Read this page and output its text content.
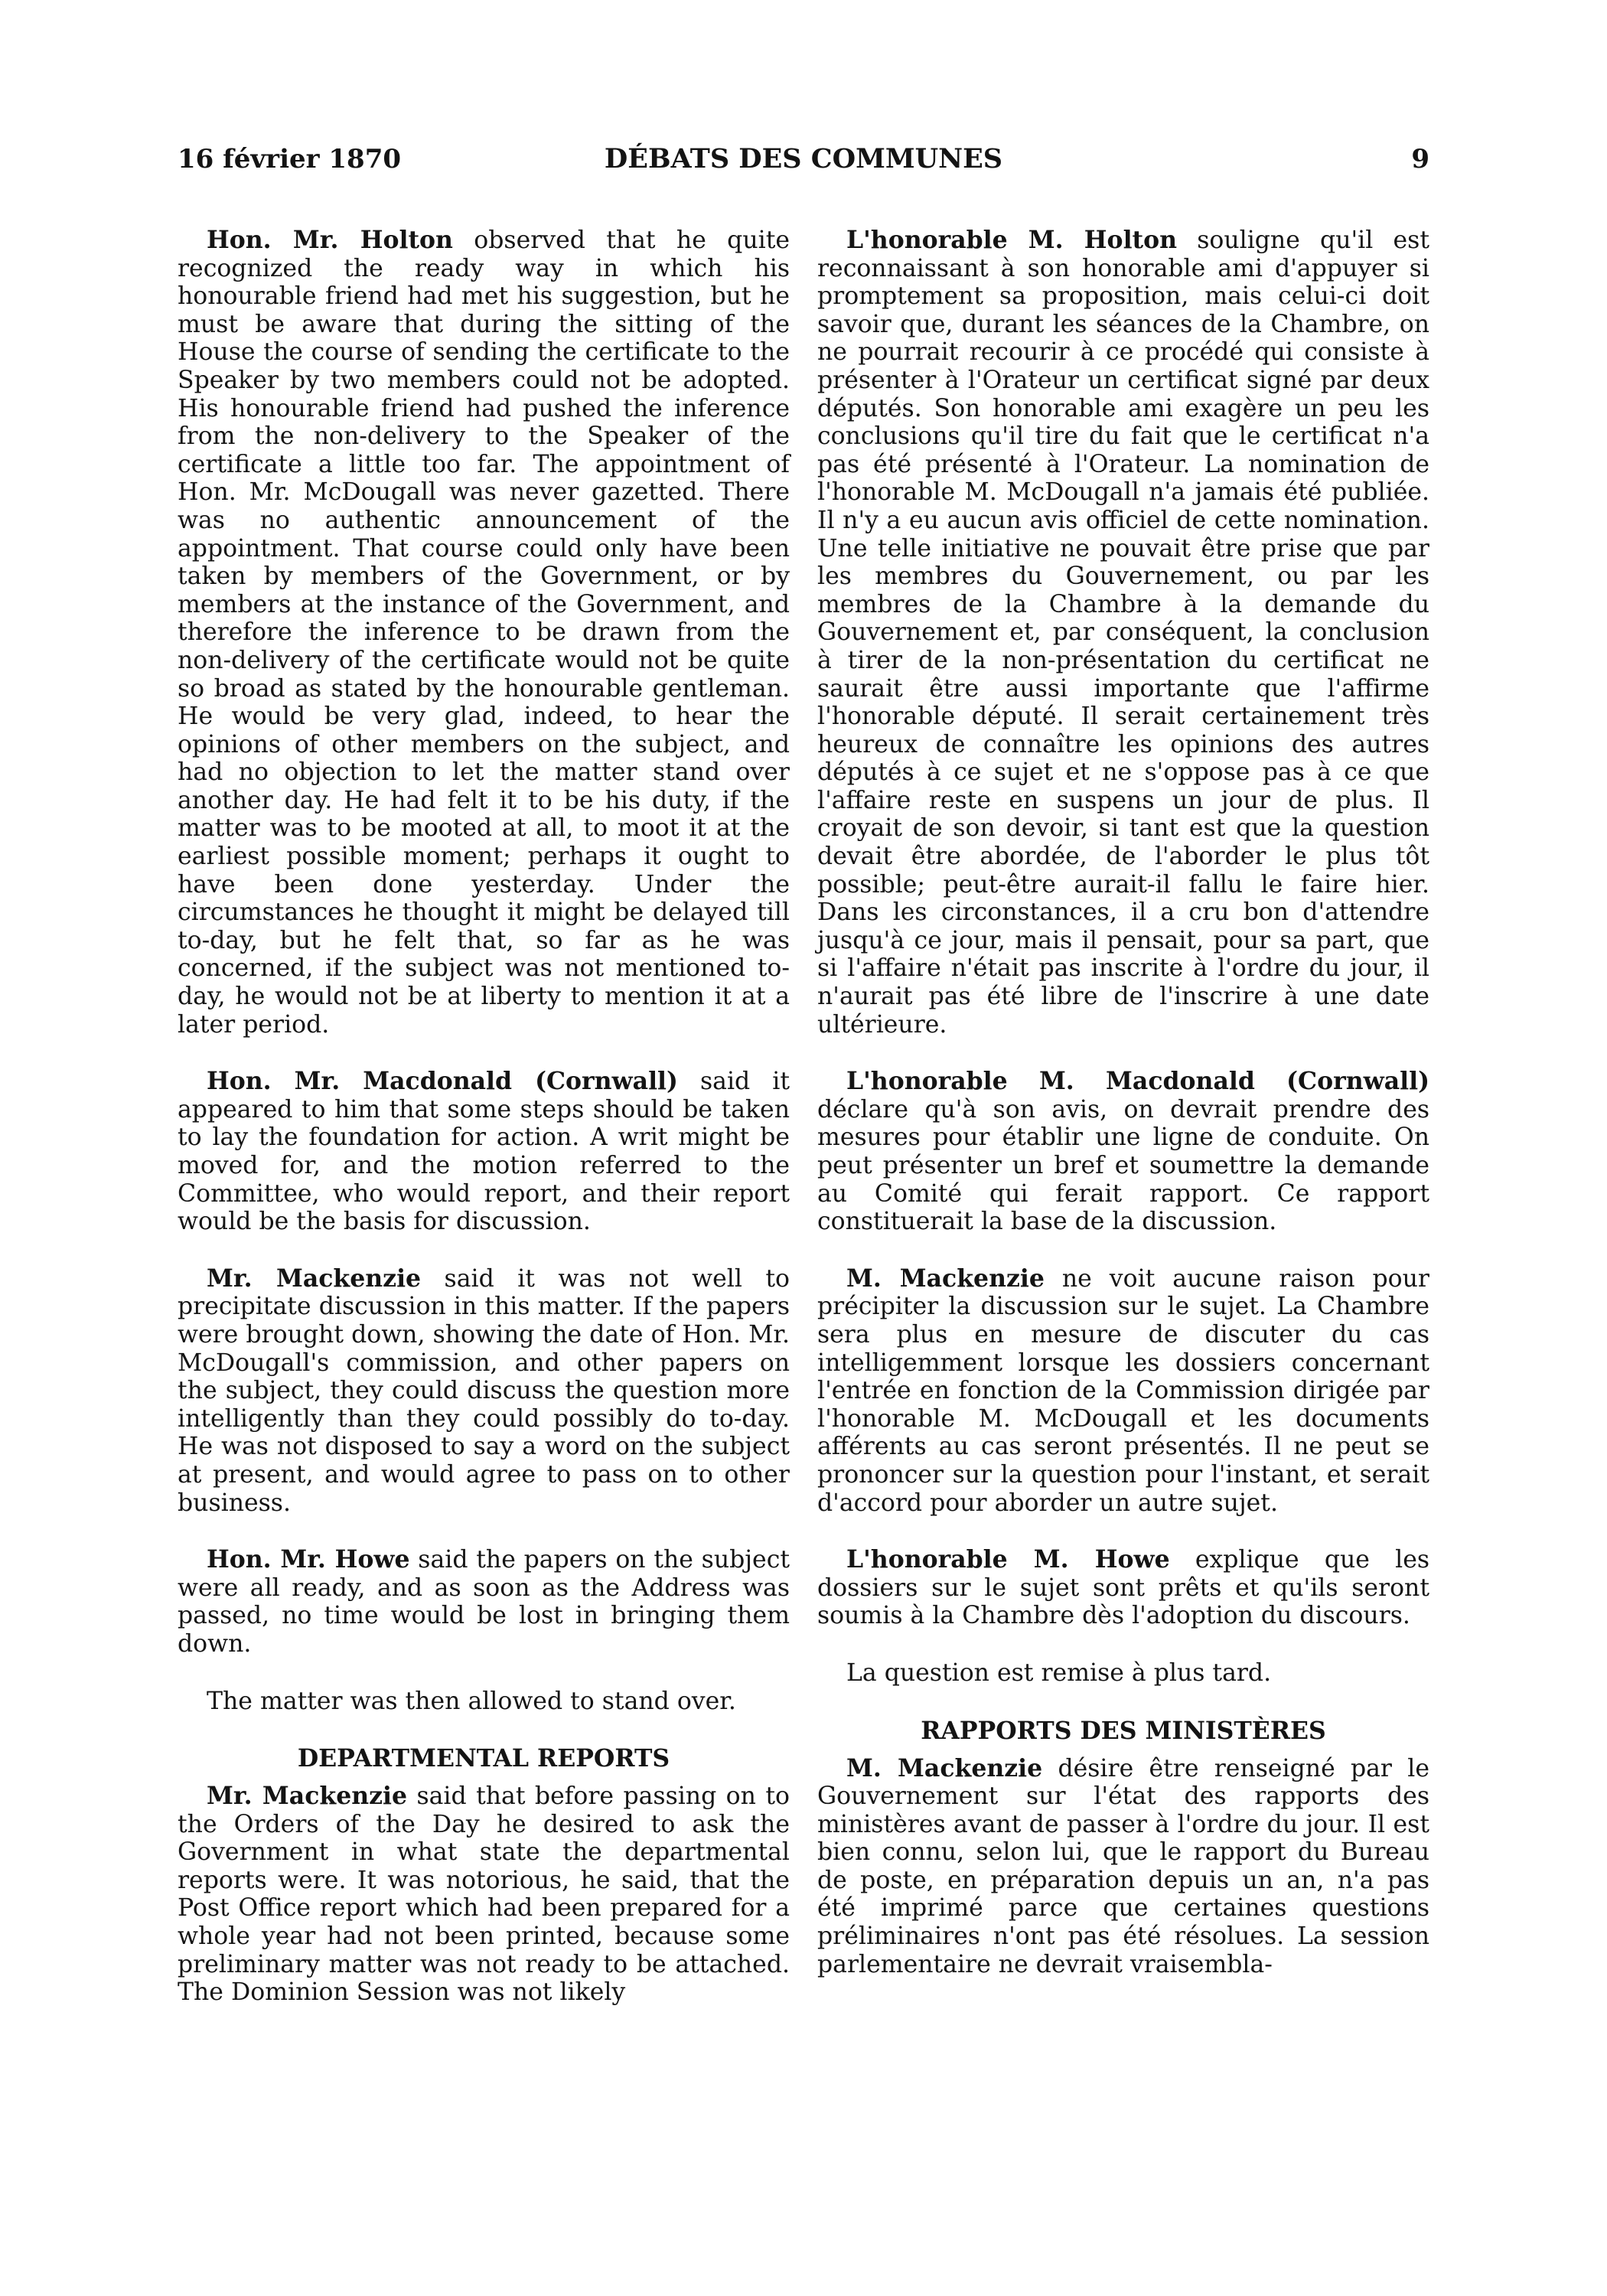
16 février 1870	DÉBATS DES COMMUNES	9

Hon. Mr. Holton observed that he quite recognized the ready way in which his honourable friend had met his suggestion, but he must be aware that during the sitting of the House the course of sending the certificate to the Speaker by two members could not be adopted. His honourable friend had pushed the inference from the non-delivery to the Speaker of the certificate a little too far. The appointment of Hon. Mr. McDougall was never gazetted. There was no authentic announcement of the appointment. That course could only have been taken by members of the Government, or by members at the instance of the Government, and therefore the inference to be drawn from the non-delivery of the certificate would not be quite so broad as stated by the honourable gentleman. He would be very glad, indeed, to hear the opinions of other members on the subject, and had no objection to let the matter stand over another day. He had felt it to be his duty, if the matter was to be mooted at all, to moot it at the earliest possible moment; perhaps it ought to have been done yesterday. Under the circumstances he thought it might be delayed till to-day, but he felt that, so far as he was concerned, if the subject was not mentioned to-day, he would not be at liberty to mention it at a later period.

Hon. Mr. Macdonald (Cornwall) said it appeared to him that some steps should be taken to lay the foundation for action. A writ might be moved for, and the motion referred to the Committee, who would report, and their report would be the basis for discussion.

Mr. Mackenzie said it was not well to precipitate discussion in this matter. If the papers were brought down, showing the date of Hon. Mr. McDougall's commission, and other papers on the subject, they could discuss the question more intelligently than they could possibly do to-day. He was not disposed to say a word on the subject at present, and would agree to pass on to other business.

Hon. Mr. Howe said the papers on the subject were all ready, and as soon as the Address was passed, no time would be lost in bringing them down.

The matter was then allowed to stand over.

DEPARTMENTAL REPORTS

Mr. Mackenzie said that before passing on to the Orders of the Day he desired to ask the Government in what state the departmental reports were. It was notorious, he said, that the Post Office report which had been prepared for a whole year had not been printed, because some preliminary matter was not ready to be attached. The Dominion Session was not likely

L'honorable M. Holton souligne qu'il est reconnaissant à son honorable ami d'appuyer si promptement sa proposition, mais celui-ci doit savoir que, durant les séances de la Chambre, on ne pourrait recourir à ce procédé qui consiste à présenter à l'Orateur un certificat signé par deux députés. Son honorable ami exagère un peu les conclusions qu'il tire du fait que le certificat n'a pas été présenté à l'Orateur. La nomination de l'honorable M. McDougall n'a jamais été publiée. Il n'y a eu aucun avis officiel de cette nomination. Une telle initiative ne pouvait être prise que par les membres du Gouvernement, ou par les membres de la Chambre à la demande du Gouvernement et, par conséquent, la conclusion à tirer de la non-présentation du certificat ne saurait être aussi importante que l'affirme l'honorable député. Il serait certainement très heureux de connaître les opinions des autres députés à ce sujet et ne s'oppose pas à ce que l'affaire reste en suspens un jour de plus. Il croyait de son devoir, si tant est que la question devait être abordée, de l'aborder le plus tôt possible; peut-être aurait-il fallu le faire hier. Dans les circonstances, il a cru bon d'attendre jusqu'à ce jour, mais il pensait, pour sa part, que si l'affaire n'était pas inscrite à l'ordre du jour, il n'aurait pas été libre de l'inscrire à une date ultérieure.

L'honorable M. Macdonald (Cornwall) déclare qu'à son avis, on devrait prendre des mesures pour établir une ligne de conduite. On peut présenter un bref et soumettre la demande au Comité qui ferait rapport. Ce rapport constituerait la base de la discussion.

M. Mackenzie ne voit aucune raison pour précipiter la discussion sur le sujet. La Chambre sera plus en mesure de discuter du cas intelligemment lorsque les dossiers concernant l'entrée en fonction de la Commission dirigée par l'honorable M. McDougall et les documents afférents au cas seront présentés. Il ne peut se prononcer sur la question pour l'instant, et serait d'accord pour aborder un autre sujet.

L'honorable M. Howe explique que les dossiers sur le sujet sont prêts et qu'ils seront soumis à la Chambre dès l'adoption du discours.

La question est remise à plus tard.

RAPPORTS DES MINISTÈRES

M. Mackenzie désire être renseigné par le Gouvernement sur l'état des rapports des ministères avant de passer à l'ordre du jour. Il est bien connu, selon lui, que le rapport du Bureau de poste, en préparation depuis un an, n'a pas été imprimé parce que certaines questions préliminaires n'ont pas été résolues. La session parlementaire ne devrait vraisembla-
